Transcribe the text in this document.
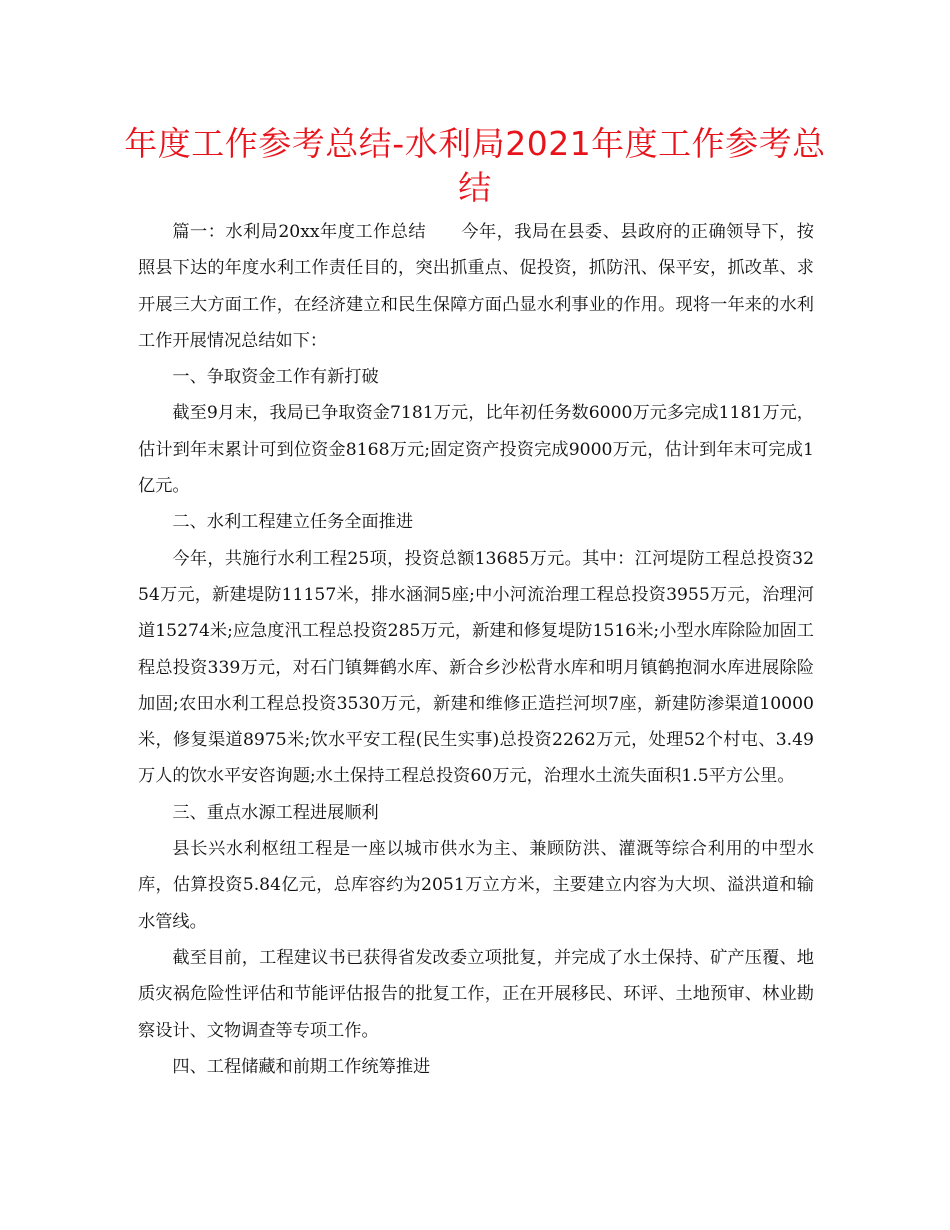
年度工作参考总结-水利局2021年度工作参考总结

篇一：水利局20xx年度工作总结　　今年，我局在县委、县政府的正确领导下，按照县下达的年度水利工作责任目的，突出抓重点、促投资，抓防汛、保平安，抓改革、求开展三大方面工作，在经济建立和民生保障方面凸显水利事业的作用。现将一年来的水利工作开展情况总结如下：

一、争取资金工作有新打破

截至9月末，我局已争取资金7181万元，比年初任务数6000万元多完成1181万元，估计到年末累计可到位资金8168万元;固定资产投资完成9000万元，估计到年末可完成1亿元。

二、水利工程建立任务全面推进

今年，共施行水利工程25项，投资总额13685万元。其中：江河堤防工程总投资3254万元，新建堤防11157米，排水涵洞5座;中小河流治理工程总投资3955万元，治理河道15274米;应急度汛工程总投资285万元，新建和修复堤防1516米;小型水库除险加固工程总投资339万元，对石门镇舞鹤水库、新合乡沙松背水库和明月镇鹤抱洞水库进展除险加固;农田水利工程总投资3530万元，新建和维修正造拦河坝7座，新建防渗渠道10000米，修复渠道8975米;饮水平安工程(民生实事)总投资2262万元，处理52个村屯、3.49万人的饮水平安咨询题;水土保持工程总投资60万元，治理水土流失面积1.5平方公里。

三、重点水源工程进展顺利

县长兴水利枢纽工程是一座以城市供水为主、兼顾防洪、灌溉等综合利用的中型水库，估算投资5.84亿元，总库容约为2051万立方米，主要建立内容为大坝、溢洪道和输水管线。

截至目前，工程建议书已获得省发改委立项批复，并完成了水土保持、矿产压覆、地质灾祸危险性评估和节能评估报告的批复工作，正在开展移民、环评、土地预审、林业勘察设计、文物调查等专项工作。

四、工程储藏和前期工作统筹推进
